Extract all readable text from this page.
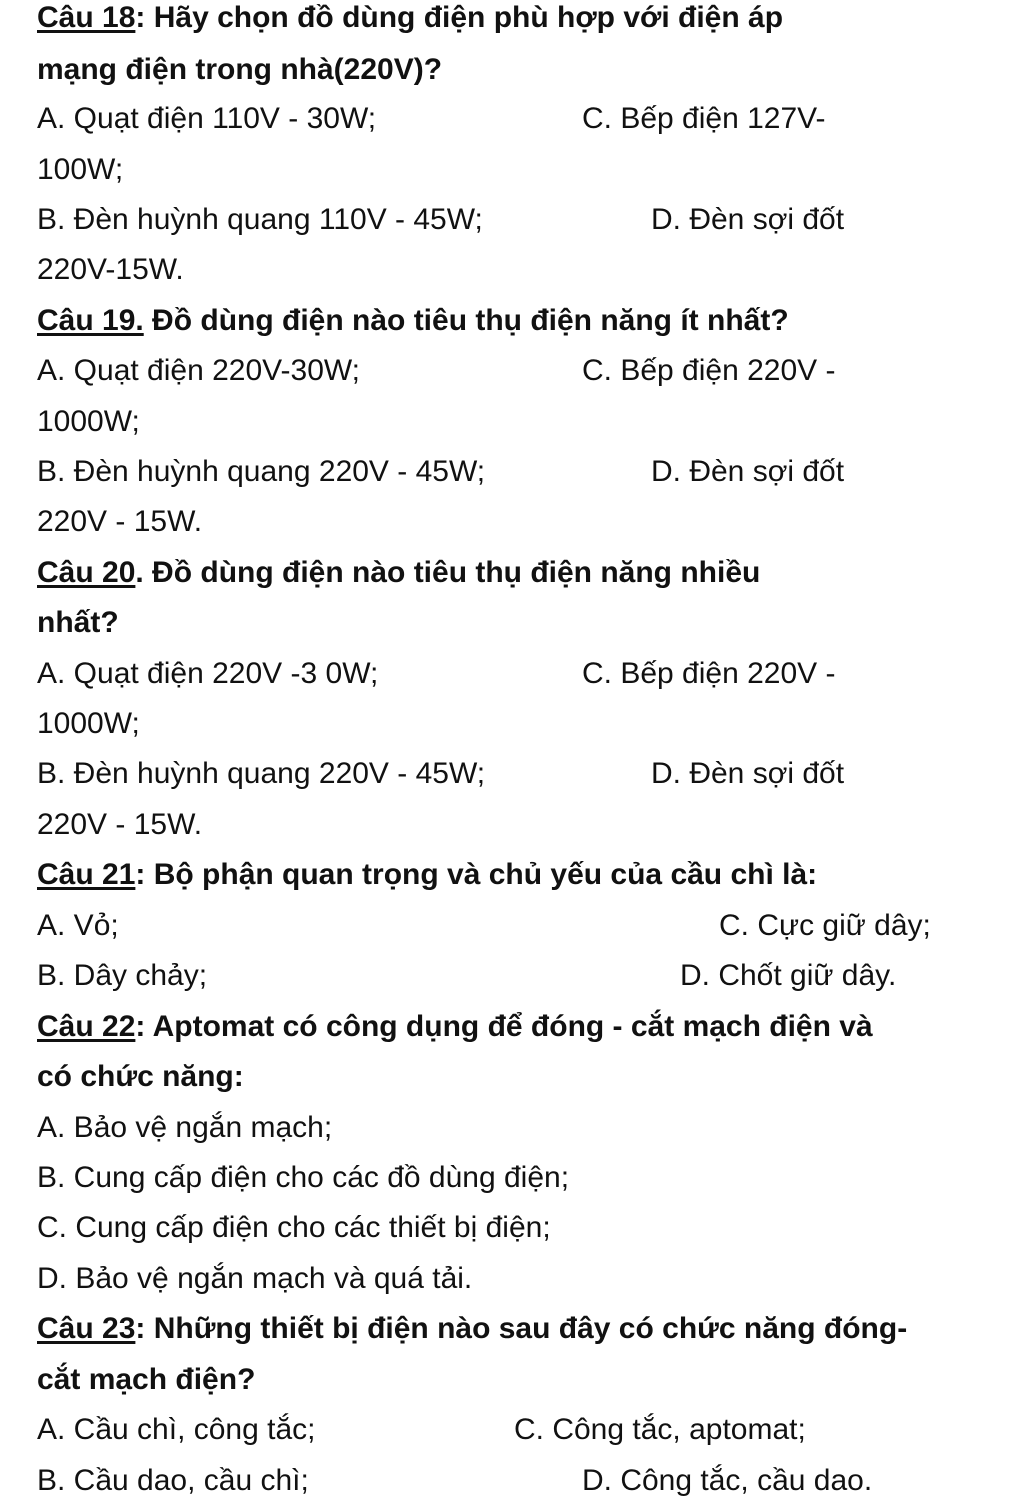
Câu 18: Hãy chọn đồ dùng điện phù hợp với điện áp

mạng điện trong nhà(220V)?

A. Quạt điện 110V - 30W;	C. Bếp điện 127V-

100W;

B. Đèn huỳnh quang 110V - 45W;	D. Đèn sợi đốt

220V-15W.

Câu 19. Đồ dùng điện nào tiêu thụ điện năng ít nhất?

A. Quạt điện 220V-30W;	C. Bếp điện 220V -

1000W;

B. Đèn huỳnh quang 220V - 45W;	D. Đèn sợi đốt

220V - 15W.

Câu 20. Đồ dùng điện nào tiêu thụ điện năng nhiều

nhất?

A. Quạt điện 220V -3 0W;	C. Bếp điện 220V -

1000W;

B. Đèn huỳnh quang 220V - 45W;	D. Đèn sợi đốt

220V - 15W.

Câu 21: Bộ phận quan trọng và chủ yếu của cầu chì là:

A. Vỏ;	C. Cực giữ dây;

B. Dây chảy;	D. Chốt giữ dây.

Câu 22: Aptomat có công dụng để đóng - cắt mạch điện và

có chức năng:

A. Bảo vệ ngắn mạch;

B. Cung cấp điện cho các đồ dùng điện;

C. Cung cấp điện cho các thiết bị điện;

D. Bảo vệ ngắn mạch và quá tải.

Câu 23: Những thiết bị điện nào sau đây có chức năng đóng-

cắt mạch điện?

A. Cầu chì, công tắc;	C. Công tắc, aptomat;

B. Cầu dao, cầu chì;	D. Công tắc, cầu dao.
